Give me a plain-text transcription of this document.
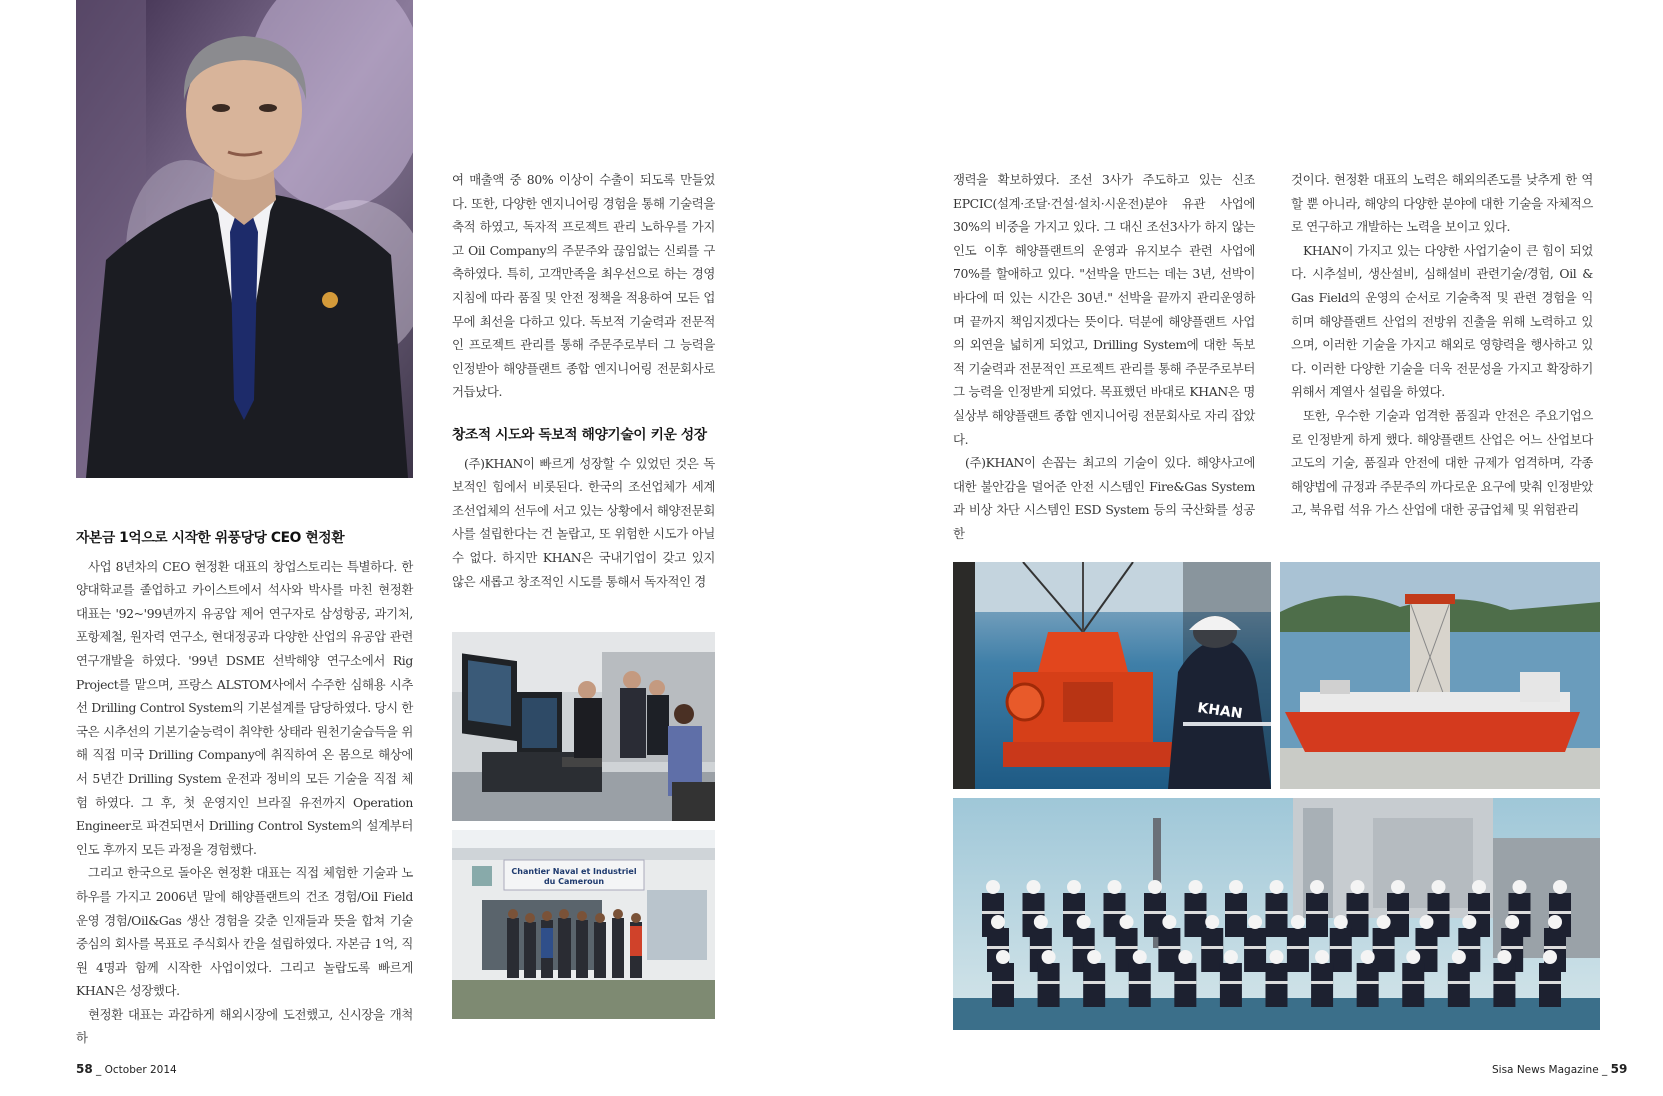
자본금 1억으로 시작한 위풍당당 CEO 현정환

사업 8년차의 CEO 현정환 대표의 창업스토리는 특별하다. 한양대학교를 졸업하고 카이스트에서 석사와 박사를 마친 현정환 대표는 '92~'99년까지 유공압 제어 연구자로 삼성항공, 과기처, 포항제철, 원자력 연구소, 현대정공과 다양한 산업의 유공압 관련 연구개발을 하였다. '99년 DSME 선박해양 연구소에서 Rig Project를 맡으며, 프랑스 ALSTOM사에서 수주한 심해용 시추선 Drilling Control System의 기본설계를 담당하였다. 당시 한국은 시추선의 기본기술능력이 취약한 상태라 원천기술습득을 위해 직접 미국 Drilling Company에 취직하여 온 몸으로 해상에서 5년간 Drilling System 운전과 정비의 모든 기술을 직접 체험 하였다. 그 후, 첫 운영지인 브라질 유전까지 Operation Engineer로 파견되면서 Drilling Control System의 설계부터 인도 후까지 모든 과정을 경험했다.

그리고 한국으로 돌아온 현정환 대표는 직접 체험한 기술과 노하우를 가지고 2006년 말에 해양플랜트의 건조 경험/Oil Field 운영 경험/Oil&Gas 생산 경험을 갖춘 인재들과 뜻을 합쳐 기술 중심의 회사를 목표로 주식회사 칸을 설립하였다. 자본금 1억, 직원 4명과 함께 시작한 사업이었다. 그리고 놀랍도록 빠르게 KHAN은 성장했다.

현정환 대표는 과감하게 해외시장에 도전했고, 신시장을 개척하

여 매출액 중 80% 이상이 수출이 되도록 만들었다. 또한, 다양한 엔지니어링 경험을 통해 기술력을 축적 하였고, 독자적 프로젝트 관리 노하우를 가지고 Oil Company의 주문주와 끊임없는 신뢰를 구축하였다. 특히, 고객만족을 최우선으로 하는 경영지침에 따라 품질 및 안전 정책을 적용하여 모든 업무에 최선을 다하고 있다. 독보적 기술력과 전문적인 프로젝트 관리를 통해 주문주로부터 그 능력을 인정받아 해양플랜트 종합 엔지니어링 전문회사로 거듭났다.

창조적 시도와 독보적 해양기술이 키운 성장

(주)KHAN이 빠르게 성장할 수 있었던 것은 독보적인 힘에서 비롯된다. 한국의 조선업체가 세계 조선업체의 선두에 서고 있는 상황에서 해양전문회사를 설립한다는 건 놀랍고, 또 위험한 시도가 아닐 수 없다. 하지만 KHAN은 국내기업이 갖고 있지 않은 새롭고 창조적인 시도를 통해서 독자적인 경

Chantier Naval et Industriel
du Cameroun
58 _ October 2014

쟁력을 확보하였다. 조선 3사가 주도하고 있는 신조 EPCIC(설계·조달·건설·설치·시운전)분야 유관 사업에 30%의 비중을 가지고 있다. 그 대신 조선3사가 하지 않는 인도 이후 해양플랜트의 운영과 유지보수 관련 사업에 70%를 할애하고 있다. "선박을 만드는 데는 3년, 선박이 바다에 떠 있는 시간은 30년." 선박을 끝까지 관리운영하며 끝까지 책임지겠다는 뜻이다. 덕분에 해양플랜트 사업의 외연을 넓히게 되었고, Drilling System에 대한 독보적 기술력과 전문적인 프로젝트 관리를 통해 주문주로부터 그 능력을 인정받게 되었다. 목표했던 바대로 KHAN은 명실상부 해양플랜트 종합 엔지니어링 전문회사로 자리 잡았다.

(주)KHAN이 손꼽는 최고의 기술이 있다. 해양사고에 대한 불안감을 덜어준 안전 시스템인 Fire&Gas System과 비상 차단 시스템인 ESD System 등의 국산화를 성공한

것이다. 현정환 대표의 노력은 해외의존도를 낮추게 한 역할 뿐 아니라, 해양의 다양한 분야에 대한 기술을 자체적으로 연구하고 개발하는 노력을 보이고 있다.

KHAN이 가지고 있는 다양한 사업기술이 큰 힘이 되었다. 시추설비, 생산설비, 심해설비 관련기술/경험, Oil & Gas Field의 운영의 순서로 기술축적 및 관련 경험을 익히며 해양플랜트 산업의 전방위 진출을 위해 노력하고 있으며, 이러한 기술을 가지고 해외로 영향력을 행사하고 있다. 이러한 다양한 기술을 더욱 전문성을 가지고 확장하기 위해서 계열사 설립을 하였다.

또한, 우수한 기술과 엄격한 품질과 안전은 주요기업으로 인정받게 하게 했다. 해양플랜트 산업은 어느 산업보다 고도의 기술, 품질과 안전에 대한 규제가 엄격하며, 각종 해양법에 규정과 주문주의 까다로운 요구에 맞춰 인정받았고, 북유럽 석유 가스 산업에 대한 공급업체 및 위험관리

KHAN
Sisa News Magazine _ 59
